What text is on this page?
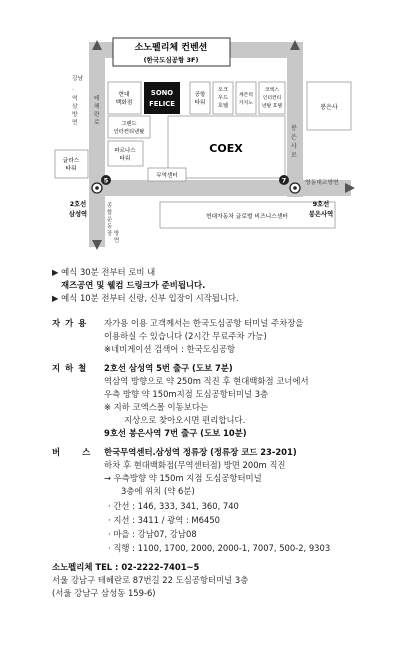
소노펠리체 컨벤션
(한국도심공항 3F)
현대
백화점
SONO
FELICE
공항
타워
오크
우드
호텔
세븐럭
카지노
코엑스
인터컨티
넨탈 호텔	봉은사
그랜드
인터컨티넨탈
파르나스
타워
COEX
무역센터
글라스
타워
현대자동차 글로벌 비즈니스센터
강남
·
역
삼
방
면
테
헤
란
로
봉
은
사
로
종
합
운
동
장 방
면
영동대교방면
5
2호선
삼성역
7
9호선
봉은사역
▶ 예식 30분 전부터 로비 내
재즈공연 및 웰컴 드링크가 준비됩니다.
▶ 예식 10분 전부터 신랑, 신부 입장이 시작됩니다.
자가용 자가용 이용 고객께서는 한국도심공항 터미널 주차장을
이용하실 수 있습니다 (2시간 무료주차 가능)
※네비게이션 검색어 : 한국도심공항
지하철 2호선 삼성역 5번 출구 (도보 7분)
역삼역 방향으로 약 250m 직진 후 현대백화점 코너에서
우측 방향 약 150m지점 도심공항터미널 3층
※ 지하 코엑스몰 이동보다는
지상으로 찾아오시면 편리합니다.
9호선 봉은사역 7번 출구 (도보 10분)
버스
한국무역센터.삼성역 정류장 (정류장 코드 23-201)
하차 후 현대백화점(무역센터점) 방면 200m 직진
→ 우측방향 약 150m 지점 도심공항터미널
3층에 위치 (약 6분)
· 간선 : 146, 333, 341, 360, 740
· 지선 : 3411 / 광역 : M6450
· 마을 : 강남07, 강남08
· 직행 : 1100, 1700, 2000, 2000-1, 7007, 500-2, 9303
소노펠리체 TEL : 02-2222-7401~5
서울 강남구 테헤란로 87번길 22 도심공항터미널 3층
(서울 강남구 삼성동 159-6)
